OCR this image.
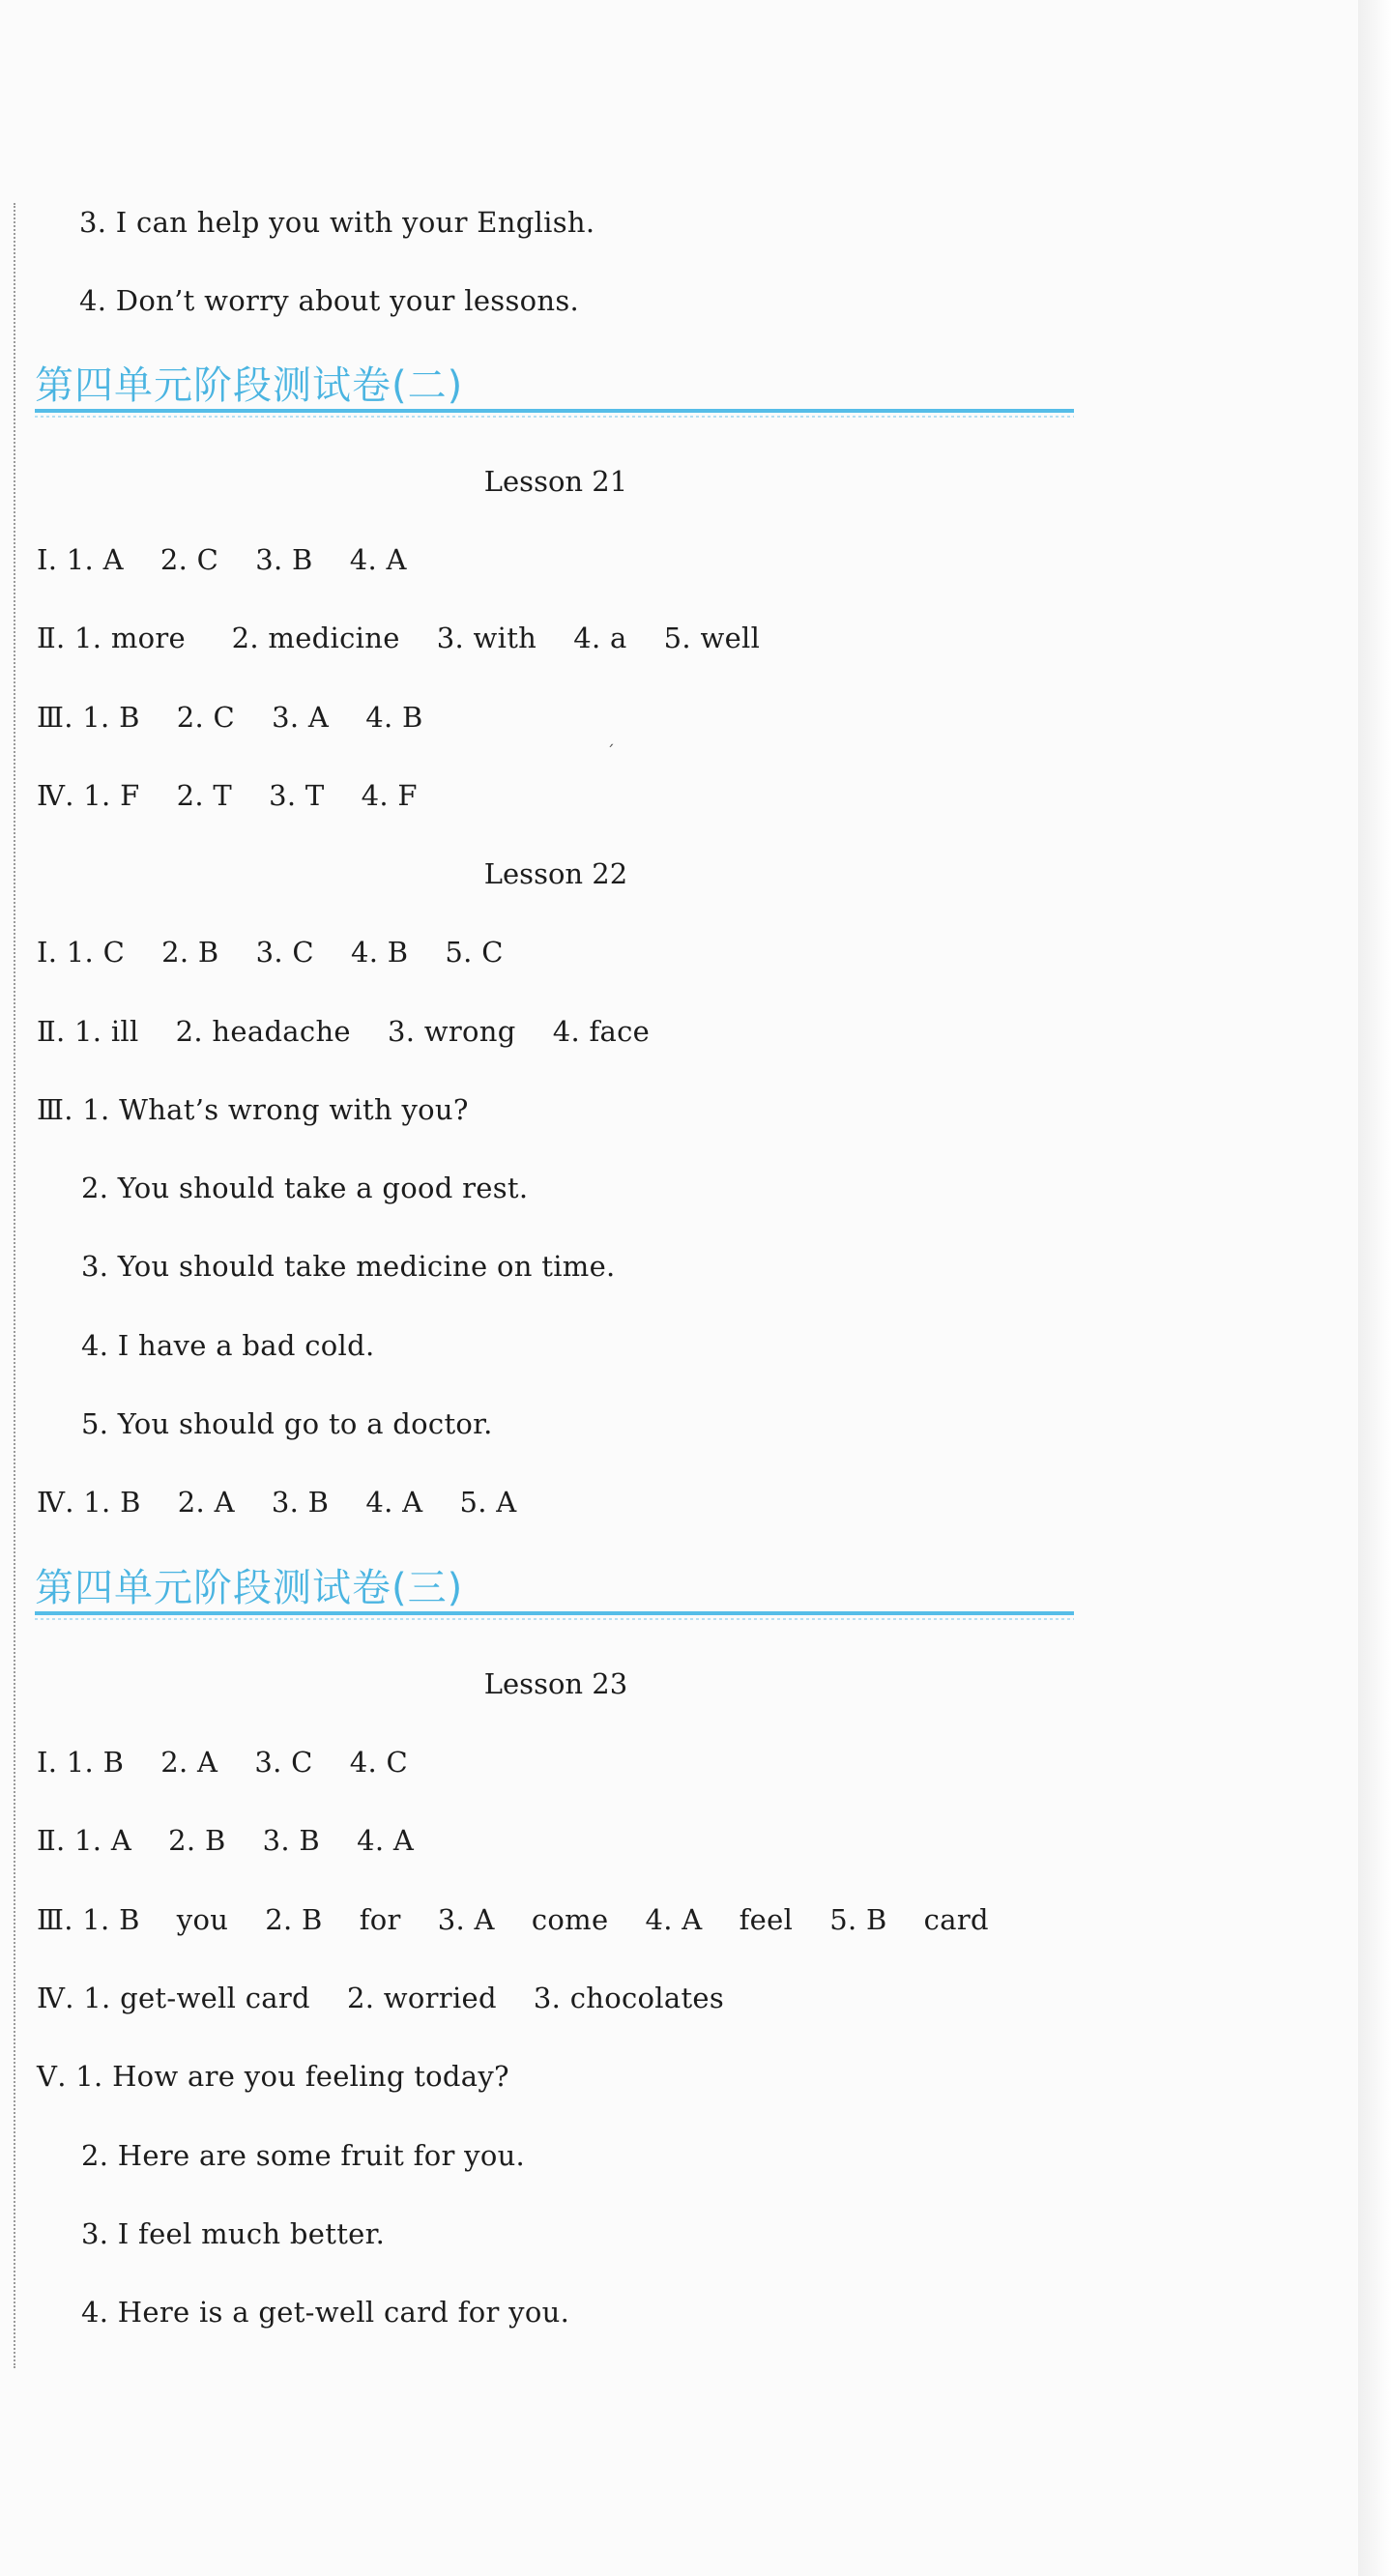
3. I can help you with your English.
4. Don’t worry about your lessons.
第四单元阶段测试卷(二)
Lesson 21
Ⅰ. 1. A    2. C    3. B    4. A
Ⅱ. 1. more     2. medicine    3. with    4. a    5. well
Ⅲ. 1. B    2. C    3. A    4. B
ˊ
Ⅳ. 1. F    2. T    3. T    4. F
Lesson 22
Ⅰ. 1. C    2. B    3. C    4. B    5. C
Ⅱ. 1. ill    2. headache    3. wrong    4. face
Ⅲ. 1. What’s wrong with you?
2. You should take a good rest.
3. You should take medicine on time.
4. I have a bad cold.
5. You should go to a doctor.
Ⅳ. 1. B    2. A    3. B    4. A    5. A
第四单元阶段测试卷(三)
Lesson 23
Ⅰ. 1. B    2. A    3. C    4. C
Ⅱ. 1. A    2. B    3. B    4. A
Ⅲ. 1. B    you    2. B    for    3. A    come    4. A    feel    5. B    card
Ⅳ. 1. get-well card    2. worried    3. chocolates
Ⅴ. 1. How are you feeling today?
2. Here are some fruit for you.
3. I feel much better.
4. Here is a get-well card for you.
